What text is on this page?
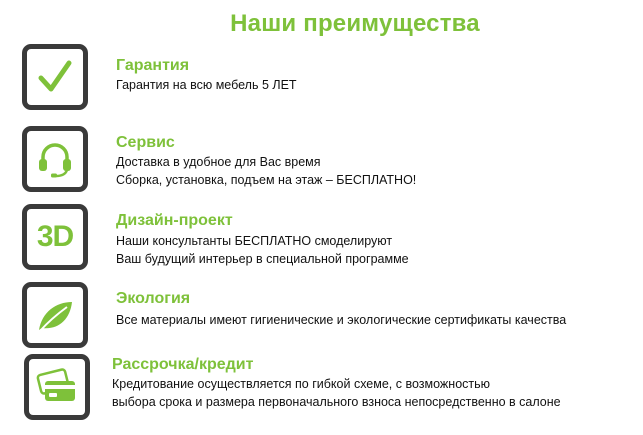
Наши преимущества
Гарантия
Гарантия на всю мебель 5 ЛЕТ
Сервис
Доставка в удобное для Вас время
Сборка, установка, подъем на этаж – БЕСПЛАТНО!
3D	Дизайн-проект
Наши консультанты БЕСПЛАТНО смоделируют
Ваш будущий интерьер в специальной программе
Экология
Все материалы имеют гигиенические и экологические сертификаты качества
Рассрочка/кредит
Кредитование осуществляется по гибкой схеме, с возможностью
выбора срока и размера первоначального взноса непосредственно в салоне
